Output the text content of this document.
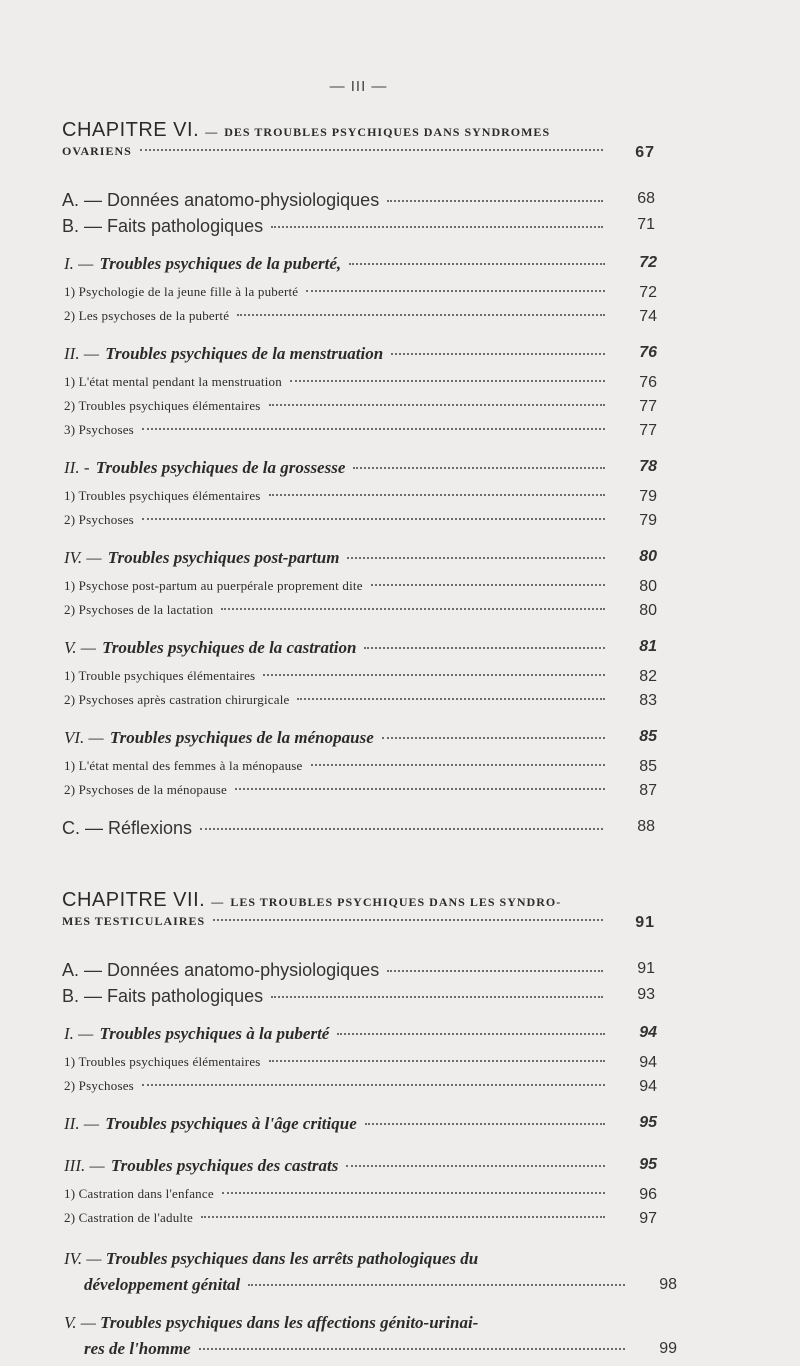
— III —
CHAPITRE VI. — DES TROUBLES PSYCHIQUES DANS SYNDROMES
OVARIENS	67
A. — Données anatomo-physiologiques	68
B. — Faits pathologiques	71
I. — Troubles psychiques de la puberté,	72
1) Psychologie de la jeune fille à la puberté	72
2) Les psychoses de la puberté	74
II. — Troubles psychiques de la menstruation	76
1) L'état mental pendant la menstruation	76
2) Troubles psychiques élémentaires	77
3) Psychoses	77
II. - Troubles psychiques de la grossesse	78
1) Troubles psychiques élémentaires	79
2) Psychoses	79
IV. — Troubles psychiques post-partum	80
1) Psychose post-partum au puerpérale proprement dite	80
2) Psychoses de la lactation	80
V. — Troubles psychiques de la castration	81
1) Trouble psychiques élémentaires	82
2) Psychoses après castration chirurgicale	83
VI. — Troubles psychiques de la ménopause	85
1) L'état mental des femmes à la ménopause	85
2) Psychoses de la ménopause	87
C. — Réflexions	88
CHAPITRE VII. — LES TROUBLES PSYCHIQUES DANS LES SYNDRO-
MES TESTICULAIRES	91
A. — Données anatomo-physiologiques	91
B. — Faits pathologiques	93
I. — Troubles psychiques à la puberté	94
1) Troubles psychiques élémentaires	94
2) Psychoses	94
II. — Troubles psychiques à l'âge critique	95
III. — Troubles psychiques des castrats	95
1) Castration dans l'enfance	96
2) Castration de l'adulte	97
IV. — Troubles psychiques dans les arrêts pathologiques du
développement génital	98
V. — Troubles psychiques dans les affections génito-urinai-
res de l'homme	99
